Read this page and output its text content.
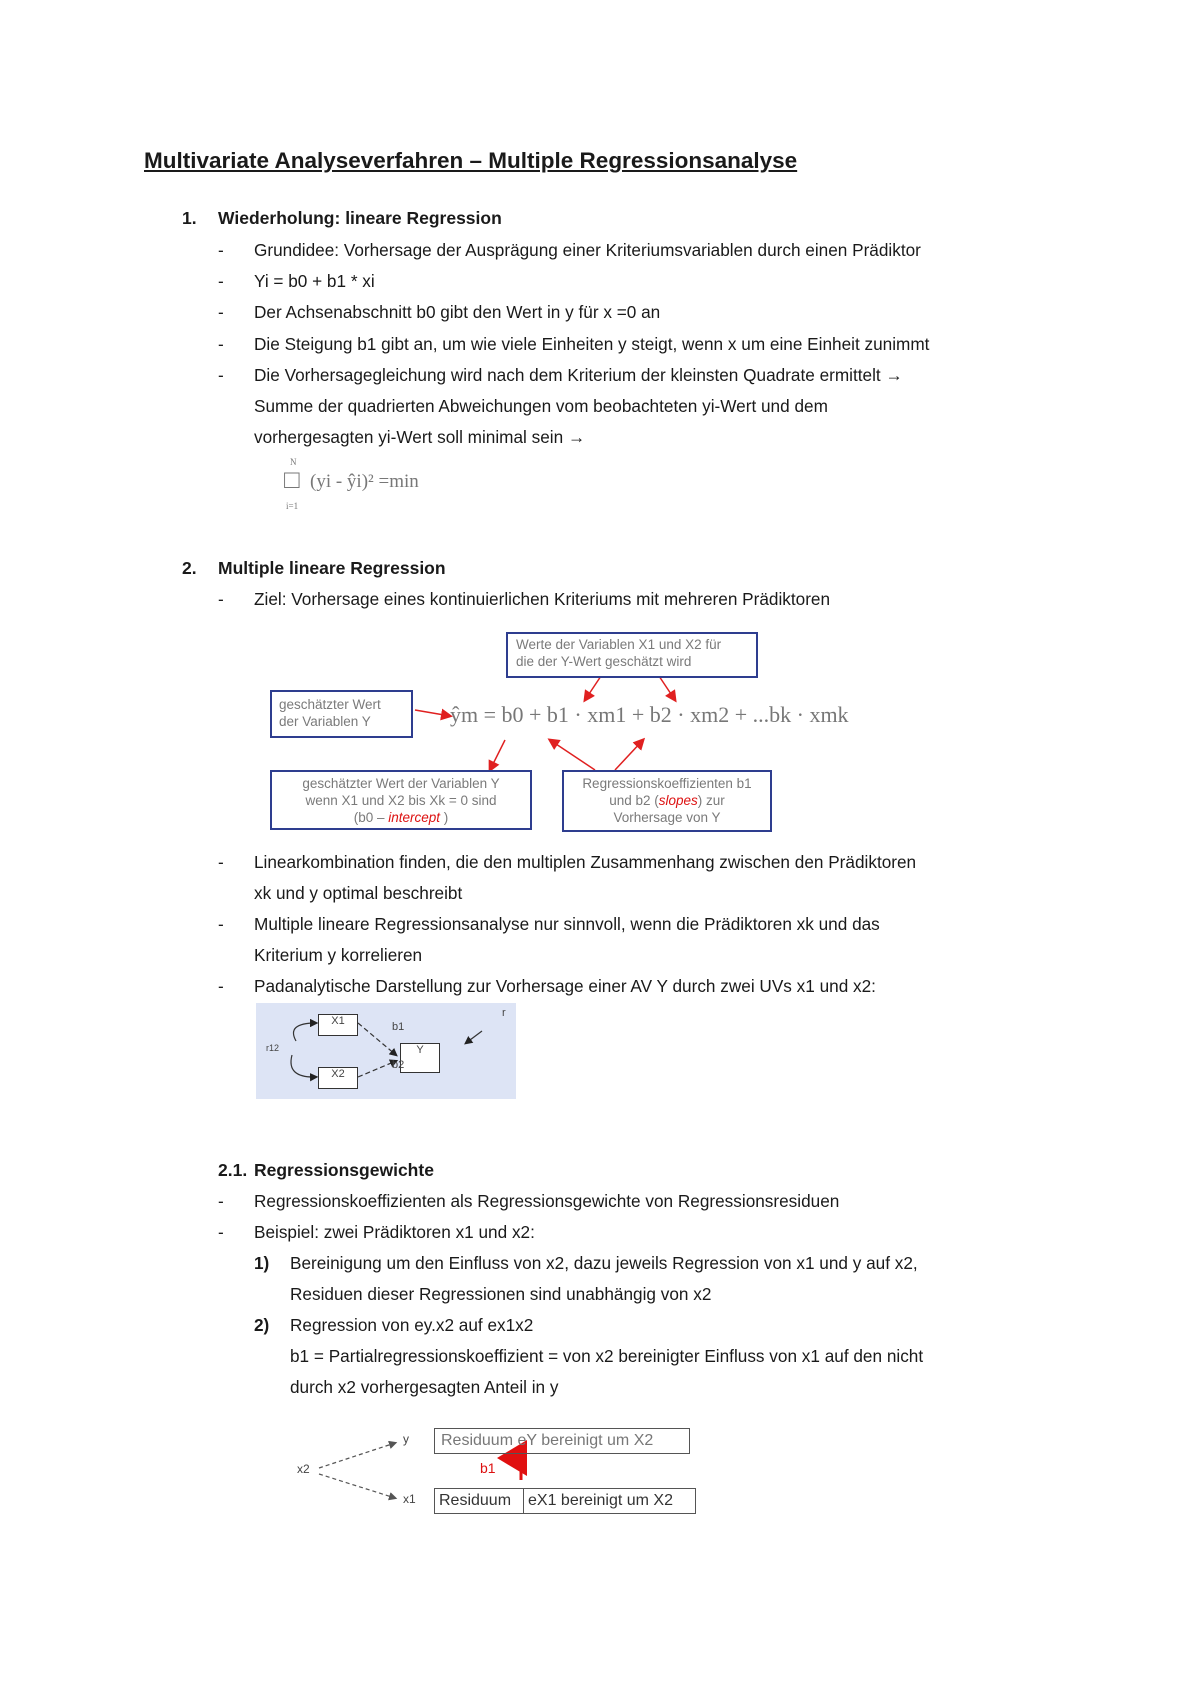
Multivariate Analyseverfahren – Multiple Regressionsanalyse
1. Wiederholung: lineare Regression
- Grundidee: Vorhersage der Ausprägung einer Kriteriumsvariablen durch einen Prädiktor
- Yi = b0 + b1 * xi
- Der Achsenabschnitt b0 gibt den Wert in y für x =0 an
- Die Steigung b1 gibt an, um wie viele Einheiten y steigt, wenn x um eine Einheit zunimmt
- Die Vorhersagegleichung wird nach dem Kriterium der kleinsten Quadrate ermittelt →
Summe der quadrierten Abweichungen vom beobachteten yi-Wert und dem
vorhergesagten yi-Wert soll minimal sein →
N
□
i=1
(yi - ŷi)² =min
2. Multiple lineare Regression
- Ziel: Vorhersage eines kontinuierlichen Kriteriums mit mehreren Prädiktoren
Werte der Variablen X1 und X2 für
die der Y-Wert geschätzt wird
geschätzter Wert
der Variablen Y	ŷm = b0 + b1 · xm1 + b2 · xm2 + ...bk · xmk
geschätzter Wert der Variablen Y
wenn X1 und X2 bis Xk = 0 sind
(b0 – intercept )
Regressionskoeffizienten b1
und b2 (slopes) zur
Vorhersage von Y
- Linearkombination finden, die den multiplen Zusammenhang zwischen den Prädiktoren
xk und y optimal beschreibt
- Multiple lineare Regressionsanalyse nur sinnvoll, wenn die Prädiktoren xk und das
Kriterium y korrelieren
- Padanalytische Darstellung zur Vorhersage einer AV Y durch zwei UVs x1 und x2:
X1
X2
Y
b1
b2
r12
r
2.1. Regressionsgewichte
- Regressionskoeffizienten als Regressionsgewichte von Regressionsresiduen
- Beispiel: zwei Prädiktoren x1 und x2:
1) Bereinigung um den Einfluss von x2, dazu jeweils Regression von x1 und y auf x2,
Residuen dieser Regressionen sind unabhängig von x2
2) Regression von ey.x2 auf ex1x2
b1 = Partialregressionskoeffizient = von x2 bereinigter Einfluss von x1 auf den nicht
durch x2 vorhergesagten Anteil in y
x2
y
x1
Residuum eY bereinigt um X2
b1
Residuum	eX1 bereinigt um X2
